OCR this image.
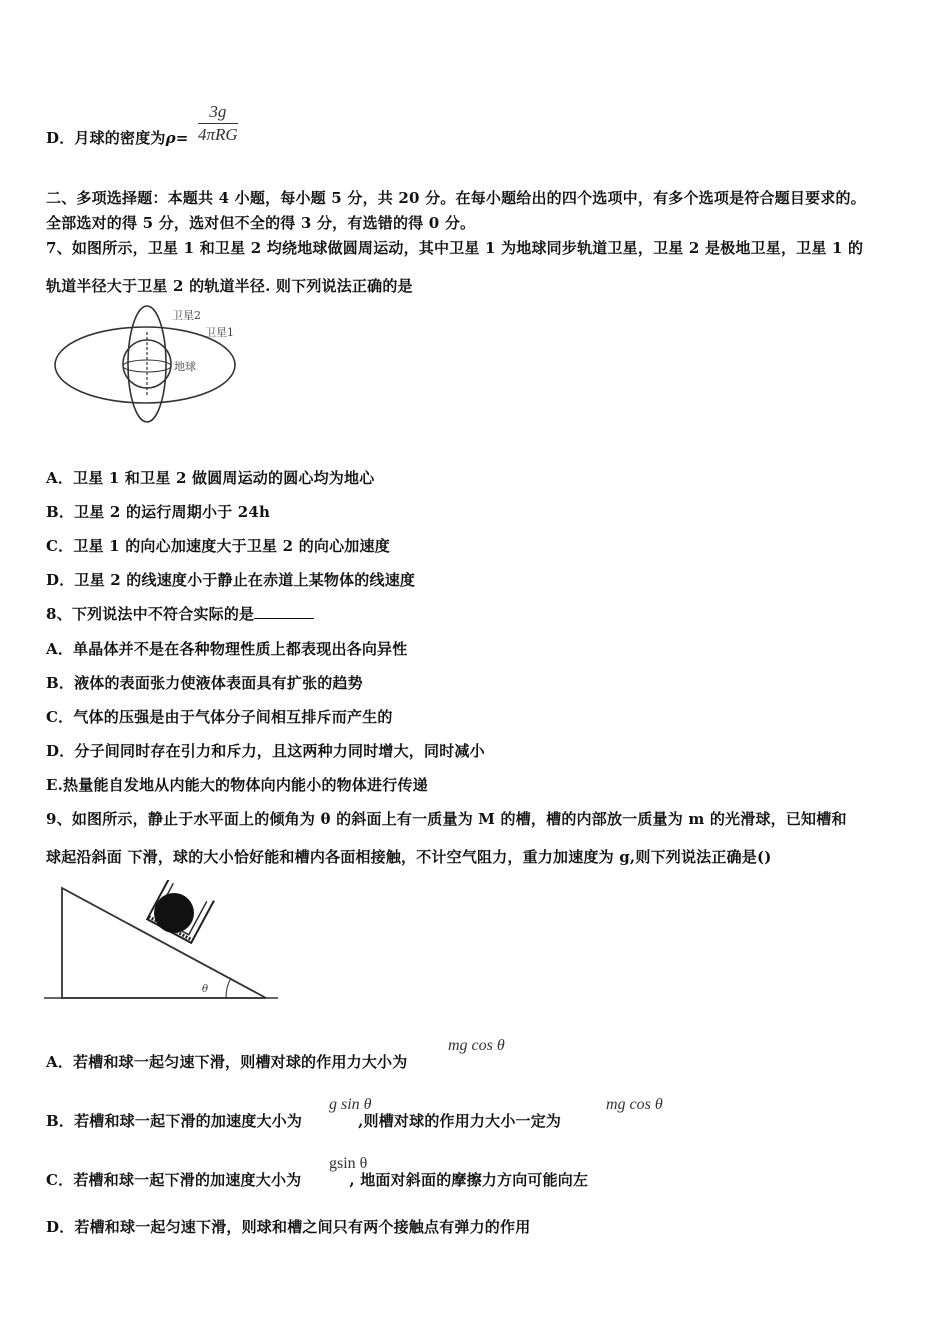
D．月球的密度为ρ=
3g
4πRG
二、多项选择题：本题共 4 小题，每小题 5 分，共 20 分。在每小题给出的四个选项中，有多个选项是符合题目要求的。
全部选对的得 5 分，选对但不全的得 3 分，有选错的得 0 分。
7、如图所示，卫星 1 和卫星 2 均绕地球做圆周运动，其中卫星 1 为地球同步轨道卫星，卫星 2 是极地卫星，卫星 1 的
轨道半径大于卫星 2 的轨道半径. 则下列说法正确的是
卫星2
卫星1
地球
A．卫星 1 和卫星 2 做圆周运动的圆心均为地心
B．卫星 2 的运行周期小于 24h
C．卫星 1 的向心加速度大于卫星 2 的向心加速度
D．卫星 2 的线速度小于静止在赤道上某物体的线速度
8、下列说法中不符合实际的是
A．单晶体并不是在各种物理性质上都表现出各向异性
B．液体的表面张力使液体表面具有扩张的趋势
C．气体的压强是由于气体分子间相互排斥而产生的
D．分子间同时存在引力和斥力，且这两种力同时增大，同时减小
E.热量能自发地从内能大的物体向内能小的物体进行传递
9、如图所示，静止于水平面上的倾角为 θ 的斜面上有一质量为 M 的槽，槽的内部放一质量为 m 的光滑球，已知槽和
球起沿斜面 下滑，球的大小恰好能和槽内各面相接触，不计空气阻力，重力加速度为 g,则下列说法正确是()
θ
A．若槽和球一起匀速下滑，则槽对球的作用力大小为
mg cos θ
B．若槽和球一起下滑的加速度大小为	,则槽对球的作用力大小一定为
g sin θ	mg cos θ
C．若槽和球一起下滑的加速度大小为	, 地面对斜面的摩擦力方向可能向左
gsin θ
D．若槽和球一起匀速下滑，则球和槽之间只有两个接触点有弹力的作用
